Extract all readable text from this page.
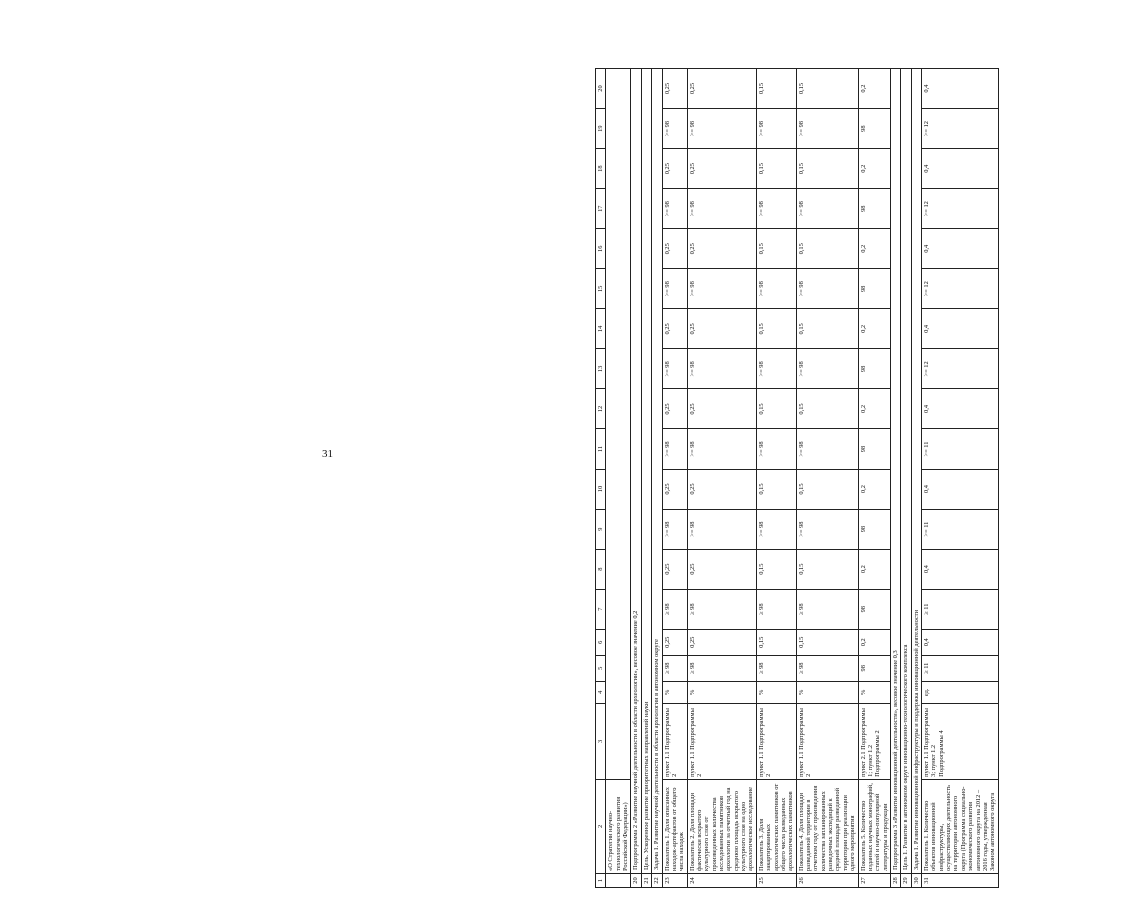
31
1	2	3	4	5	6	7	8	9	10	11	12	13	14	15	16	17	18	19	20
	«О Стратегии научно-технологического развития Российской Федерации»)																		
20	Подпрограмма 2 «Развитие научной деятельности в области археологии», весовое значение 0,2																		
21	Цель. Ускоренное развитие приоритетных направлений науки																		
22	Задача 1. Развитие научной деятельности в области археологии в автономном округе																		
23	Показатель 1. Доля описанных находок-артефактов от общего числа находок	пункт 1.1 Подпрограммы 2	%	≥ 98	0,25	≥ 98	0,25	>= 98	0,25	>= 98	0,25	>= 98	0,25	>= 98	0,25	>= 98	0,25	>= 98	0,25
24	Показатель 2. Доля площади фактически вскрытого культурного слоя от произведенных количества исследованных памятников археологии за отчетный год на среднюю площадь вскрытого культурного слоя на одно археологическое исследование	пункт 1.1 Подпрограммы 2	%	≥ 98	0,25	≥ 98	0,25	>= 98	0,25	>= 98	0,25	>= 98	0,25	>= 98	0,25	>= 98	0,25	>= 98	0,25
25	Показатель 3. Доля закартированных археологических памятников от общего числа разведанных археологических памятников	пункт 1.1 Подпрограммы 2	%	≥ 98	0,15	≥ 98	0,15	>= 98	0,15	>= 98	0,15	>= 98	0,15	>= 98	0,15	>= 98	0,15	>= 98	0,15
26	Показатель 4. Доля площади разведанной территории в отчетном году от произведения количества запланированных разведочных экспедиций к средней площади разведанной территории при реализации одного мероприятия	пункт 1.1 Подпрограммы 2	%	≥ 98	0,15	≥ 98	0,15	>= 98	0,15	>= 98	0,15	>= 98	0,15	>= 98	0,15	>= 98	0,15	>= 98	0,15
27	Показатель 5. Количество изданных научных монографий, статей и научно-популярной литературы и продукции	пункт 2.1 Подпрограммы 1; пункт 1.2 Подпрограммы 2	%	98	0,2	98	0,2	98	0,2	98	0,2	98	0,2	98	0,2	98	0,2	98	0,2
28	Подпрограмма 3 «Развитие инновационной деятельности», весовое значение 0,3																		
29	Цель 1. Развитие в автономном округе инновационно-технологического комплекса																		
30	Задача 1. Развитие инновационной инфраструктуры и поддержка инновационной деятельности																		
31	Показатель 1. Количество объектов инновационной инфраструктуры, осуществляющих деятельность на территории автономного округа (Программа социально-экономического развития автономного округа на 2012 – 2016 годы, утвержденная Законом автономного округа	пункт 1.1 Подпрограммы 3; пункт 1.2 Подпрограммы 4	ед.	≥ 11	0,4	≥ 11	0,4	>= 11	0,4	>= 11	0,4	>= 12	0,4	>= 12	0,4	>= 12	0,4	>= 12	0,4
